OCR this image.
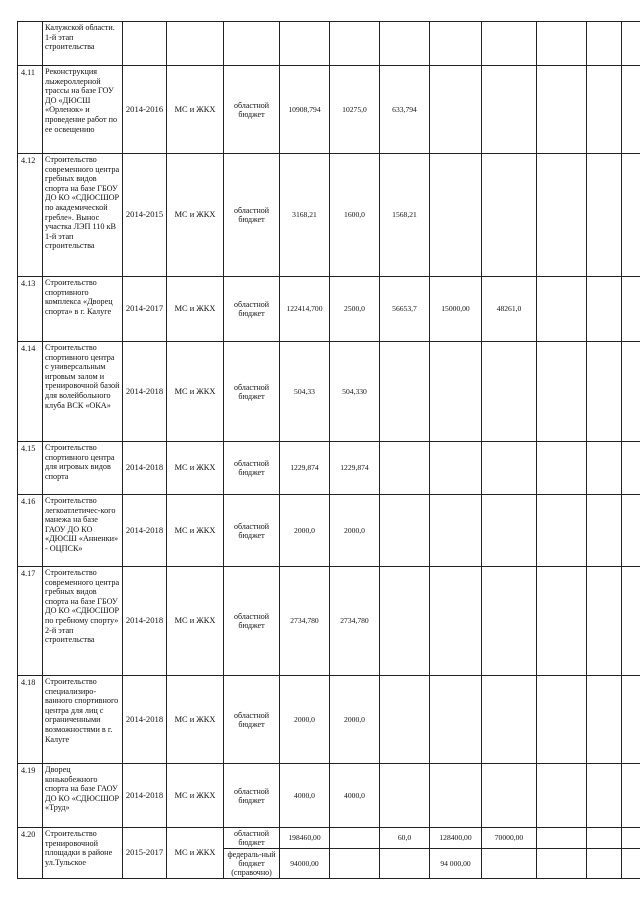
	Калужской области. 1-й этап строительства											
4.11	Реконструкция лыжероллерной трассы на базе ГОУ ДО «ДЮСШ «Орленок» и проведение работ по ее освещению	2014-2016	МС и ЖКХ	областной бюджет	10908,794	10275,0	633,794					
4.12	Строительство современного центра гребных видов спорта на базе ГБОУ ДО КО «СДЮСШОР по академической гребле». Вынос участка ЛЭП 110 кВ 1-й этап строительства	2014-2015	МС и ЖКХ	областной бюджет	3168,21	1600,0	1568,21					
4.13	Строительство спортивного комплекса «Дворец спорта» в г. Калуге	2014-2017	МС и ЖКХ	областной бюджет	122414,700	2500,0	56653,7	15000,00	48261,0			
4.14	Строительство спортивного центра с универсальным игровым залом и тренировочной базой для волейбольного клуба ВСК «ОКА»	2014-2018	МС и ЖКХ	областной бюджет	504,33	504,330						
4.15	Строительство спортивного центра для игровых видов спорта	2014-2018	МС и ЖКХ	областной бюджет	1229,874	1229,874						
4.16	Строительство легкоатлетичес-кого манежа на базе ГАОУ ДО КО «ДЮСШ «Анненки» - ОЦПСК»	2014-2018	МС и ЖКХ	областной бюджет	2000,0	2000,0						
4.17	Строительство современного центра гребных видов спорта на базе ГБОУ ДО КО «СДЮСШОР по гребному спорту» 2-й этап строительства	2014-2018	МС и ЖКХ	областной бюджет	2734,780	2734,780						
4.18	Строительство специализиро-ванного спортивного центра для лиц с ограниченными возможностями в г. Калуге	2014-2018	МС и ЖКХ	областной бюджет	2000,0	2000,0						
4.19	Дворец конькобежного спорта на базе ГАОУ ДО КО «СДЮСШОР «Труд»	2014-2018	МС и ЖКХ	областной бюджет	4000,0	4000,0						
4.20	Строительство тренировочной площадки в районе ул.Тульское	2015-2017	МС и ЖКХ	областной бюджет	198460,00		60,0	128400,00	70000,00			
				федераль-ный бюджет (справочно)	94000,00			94 000,00				
